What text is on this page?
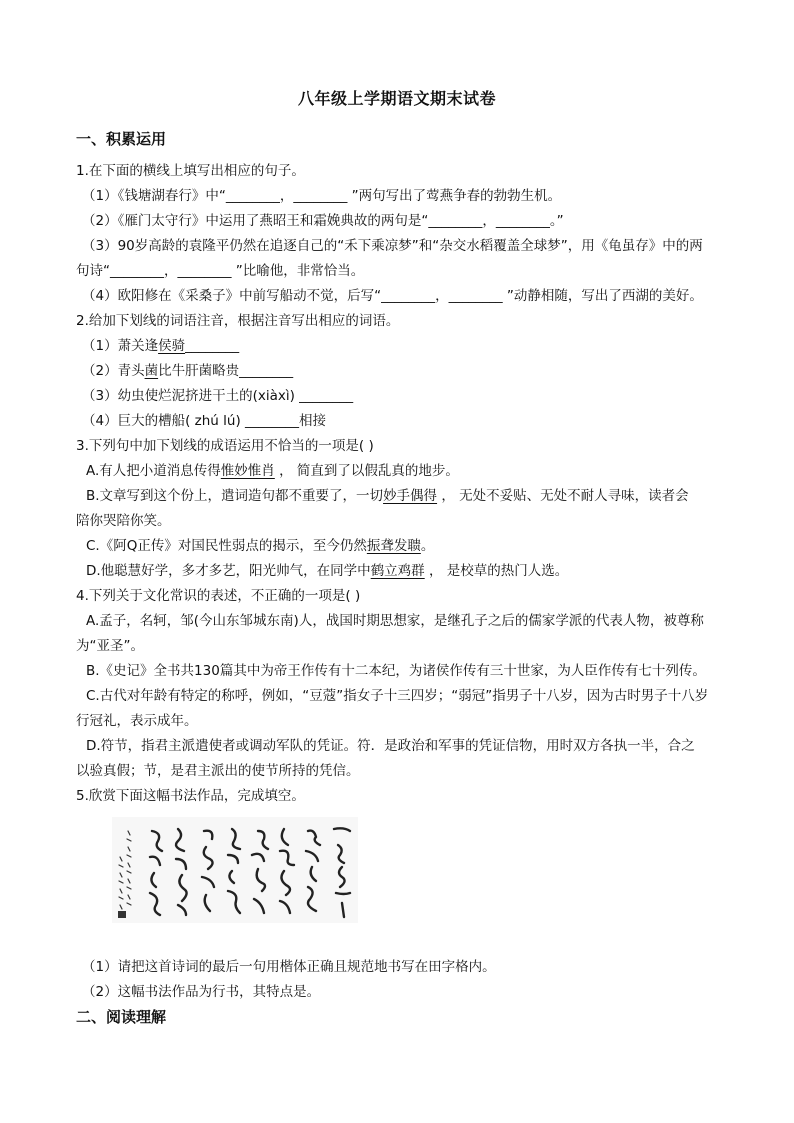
八年级上学期语文期末试卷
一、积累运用
1.在下面的横线上填写出相应的句子。
（1）《钱塘湖春行》中“________，________ ”两句写出了莺燕争春的勃勃生机。
（2）《雁门太守行》中运用了燕昭王和霜娩典故的两句是“________，________。”
（3）90岁高龄的袁隆平仍然在追逐自己的“禾下乘凉梦”和“杂交水稻覆盖全球梦”，用《龟虽存》中的两
句诗“________，________ ”比喻他，非常恰当。
（4）欧阳修在《采桑子》中前写船动不觉，后写“________，________ ”动静相随，写出了西湖的美好。
2.给加下划线的词语注音，根据注音写出相应的词语。
（1）萧关逢侯骑________
（2）青头菌比牛肝菌略贵________
（3）幼虫使烂泥挤进干土的(xiàxì) ________
（4）巨大的槽船( zhú lú) ________相接
3.下列句中加下划线的成语运用不恰当的一项是( )
A.有人把小道消息传得惟妙惟肖 ， 简直到了以假乱真的地步。
B.文章写到这个份上，遣词造句都不重要了，一切妙手偶得 ， 无处不妥贴、无处不耐人寻味，读者会
陪你哭陪你笑。
C.《阿Q正传》对国民性弱点的揭示，至今仍然振聋发聩。
D.他聪慧好学，多才多艺，阳光帅气，在同学中鹤立鸡群 ， 是校草的热门人选。
4.下列关于文化常识的表述，不正确的一项是( )
A.孟子，名轲，邹(今山东邹城东南)人，战国时期思想家，是继孔子之后的儒家学派的代表人物，被尊称
为“亚圣”。
B.《史记》全书共130篇其中为帝王作传有十二本纪，为诸侯作传有三十世家，为人臣作传有七十列传。
C.古代对年龄有特定的称呼，例如，“豆蔻”指女子十三四岁；“弱冠”指男子十八岁，因为古时男子十八岁
行冠礼，表示成年。
D.符节，指君主派遣使者或调动军队的凭证。符．是政治和军事的凭证信物，用时双方各执一半，合之
以验真假；节，是君主派出的使节所持的凭信。
5.欣赏下面这幅书法作品，完成填空。
（1）请把这首诗词的最后一句用楷体正确且规范地书写在田字格内。
（2）这幅书法作品为行书，其特点是。
二、阅读理解
